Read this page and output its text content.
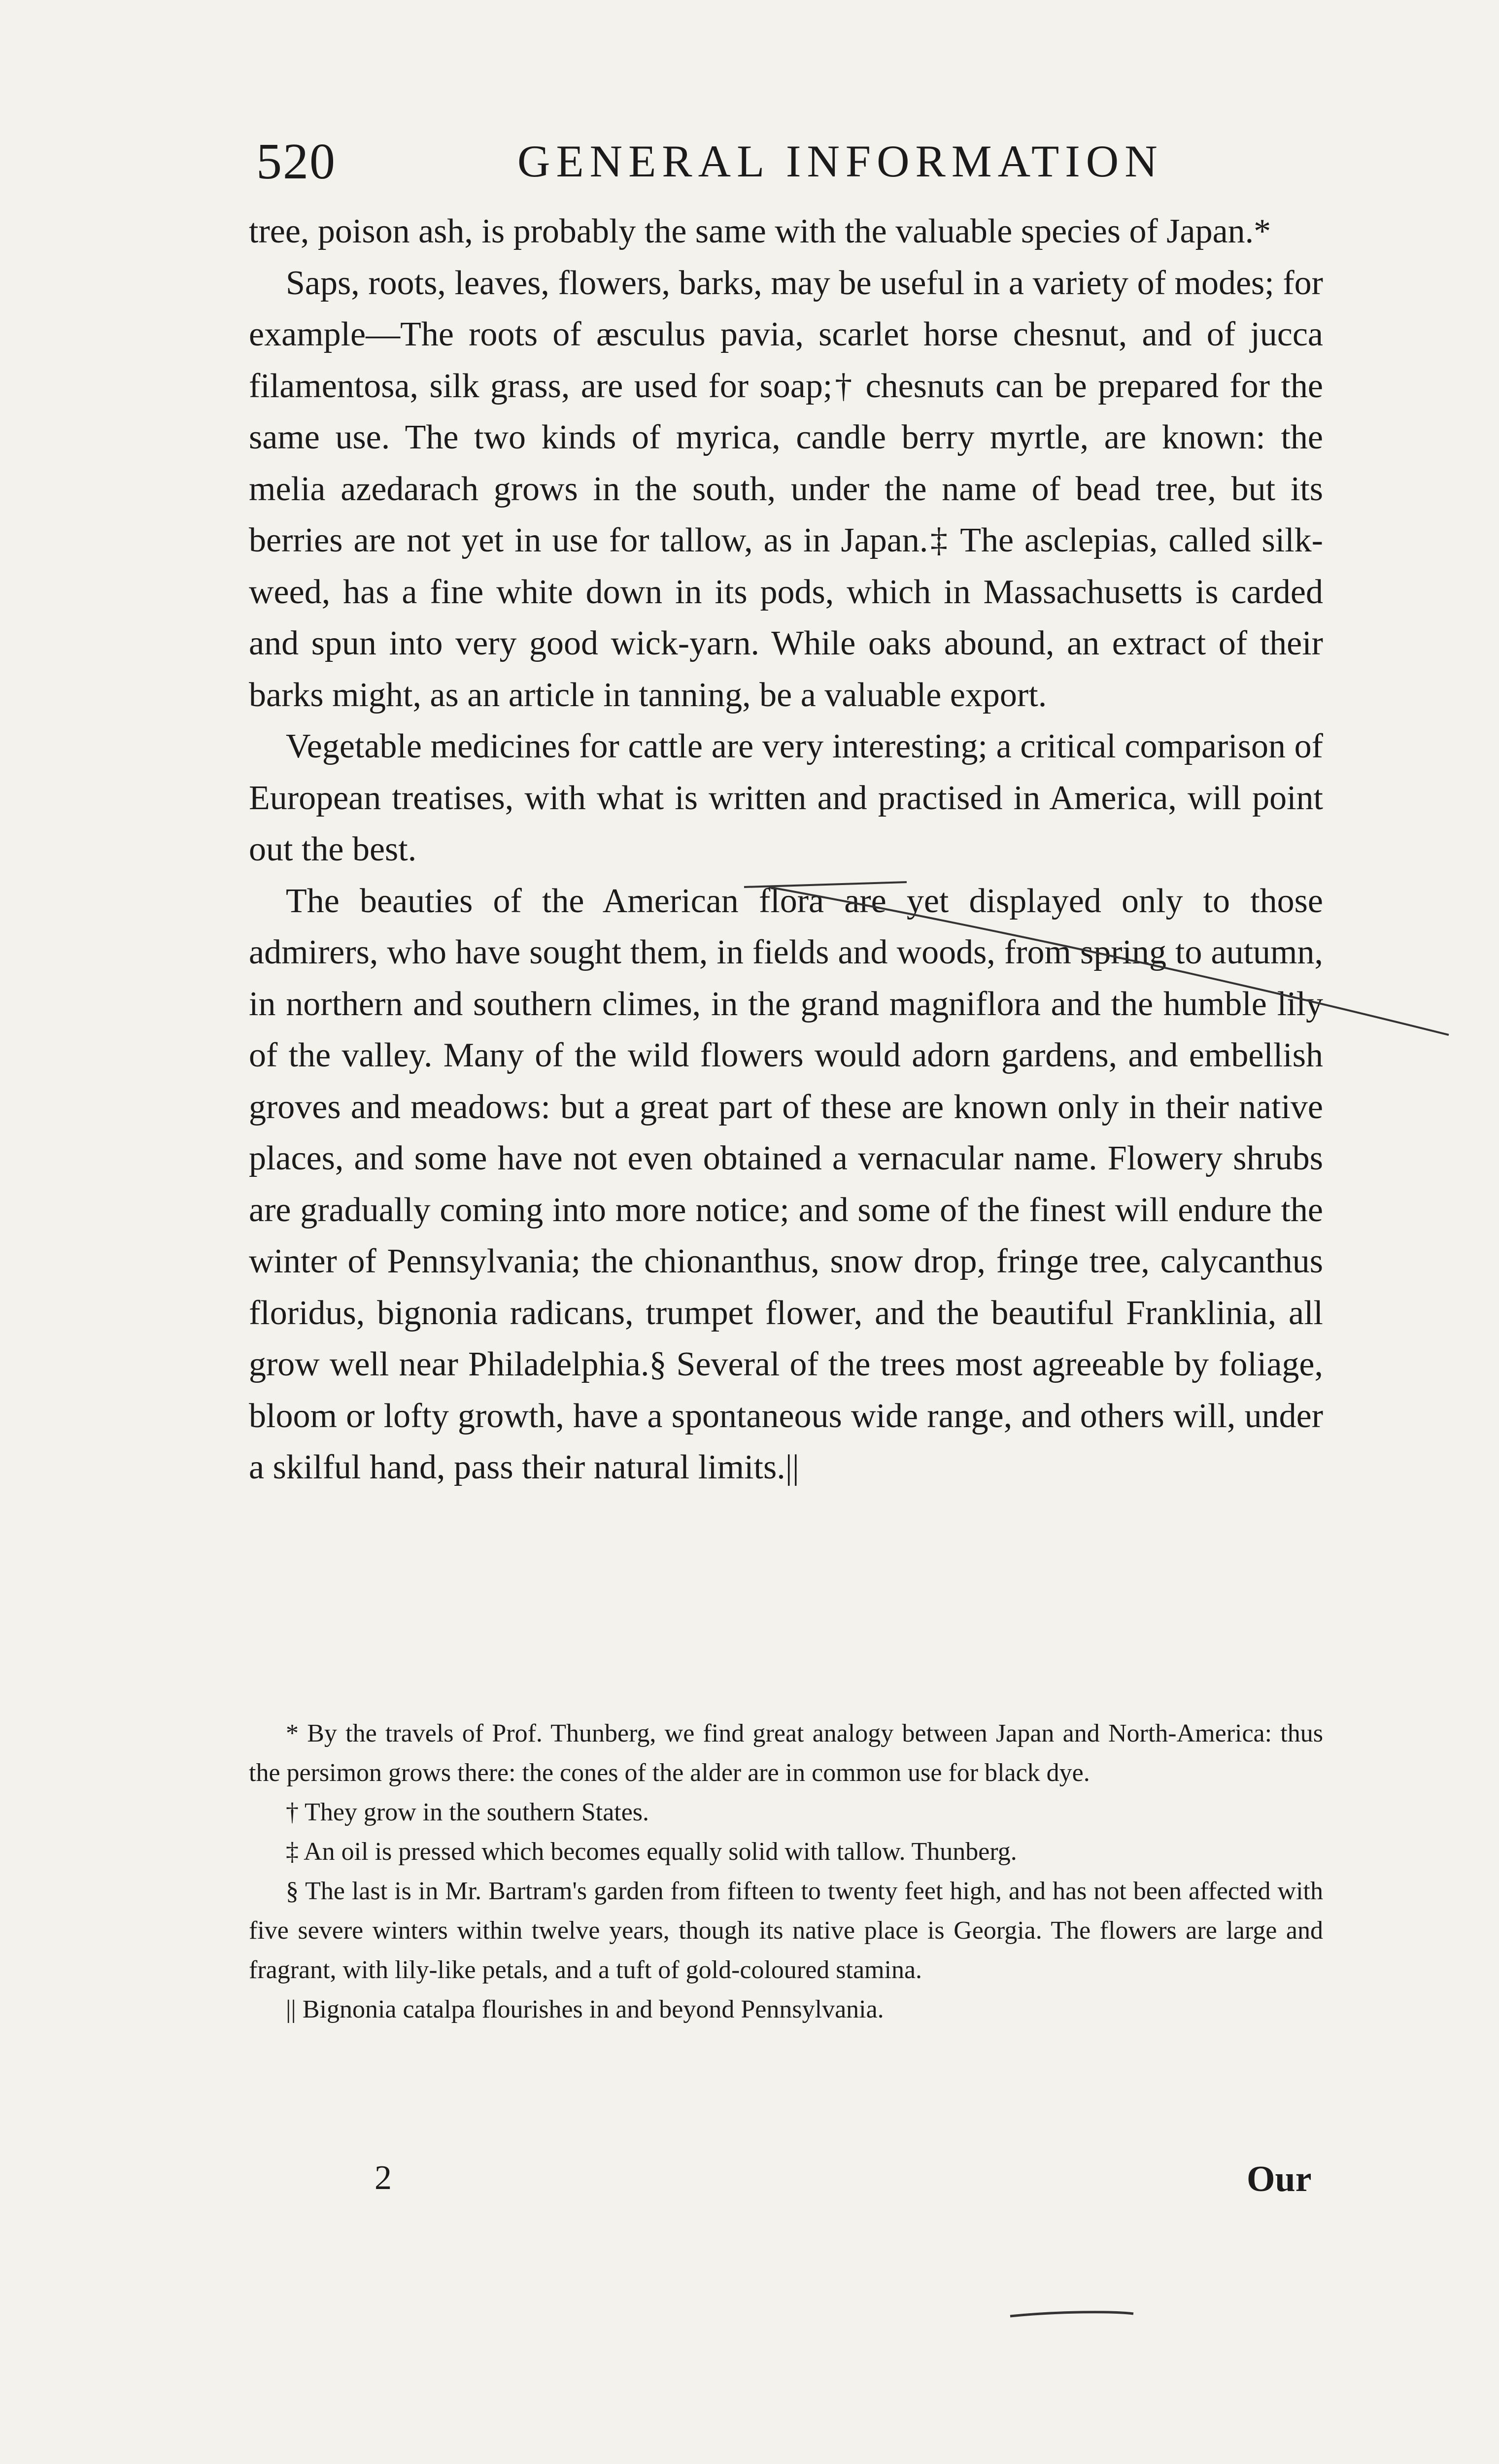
520	GENERAL INFORMATION

tree, poison ash, is probably the same with the valuable species of Japan.*

Saps, roots, leaves, flowers, barks, may be useful in a variety of modes; for example—The roots of æsculus pavia, scarlet horse chesnut, and of jucca filamentosa, silk grass, are used for soap;† chesnuts can be prepared for the same use. The two kinds of myrica, candle berry myrtle, are known: the melia azedarach grows in the south, under the name of bead tree, but its berries are not yet in use for tallow, as in Japan.‡ The asclepias, called silk-weed, has a fine white down in its pods, which in Massachusetts is carded and spun into very good wick-yarn. While oaks abound, an extract of their barks might, as an article in tanning, be a valuable export.

Vegetable medicines for cattle are very interesting; a critical comparison of European treatises, with what is written and practised in America, will point out the best.

The beauties of the American flora are yet displayed only to those admirers, who have sought them, in fields and woods, from spring to autumn, in northern and southern climes, in the grand magniflora and the humble lily of the valley. Many of the wild flowers would adorn gardens, and embellish groves and meadows: but a great part of these are known only in their native places, and some have not even obtained a vernacular name. Flowery shrubs are gradually coming into more notice; and some of the finest will endure the winter of Pennsylvania; the chionanthus, snow drop, fringe tree, calycanthus floridus, bignonia radicans, trumpet flower, and the beautiful Franklinia, all grow well near Philadelphia.§ Several of the trees most agreeable by foliage, bloom or lofty growth, have a spontaneous wide range, and others will, under a skilful hand, pass their natural limits.||

* By the travels of Prof. Thunberg, we find great analogy between Japan and North-America: thus the persimon grows there: the cones of the alder are in common use for black dye.

† They grow in the southern States.

‡ An oil is pressed which becomes equally solid with tallow. Thunberg.

§ The last is in Mr. Bartram's garden from fifteen to twenty feet high, and has not been affected with five severe winters within twelve years, though its native place is Georgia. The flowers are large and fragrant, with lily-like petals, and a tuft of gold-coloured stamina.

|| Bignonia catalpa flourishes in and beyond Pennsylvania.

2	Our
